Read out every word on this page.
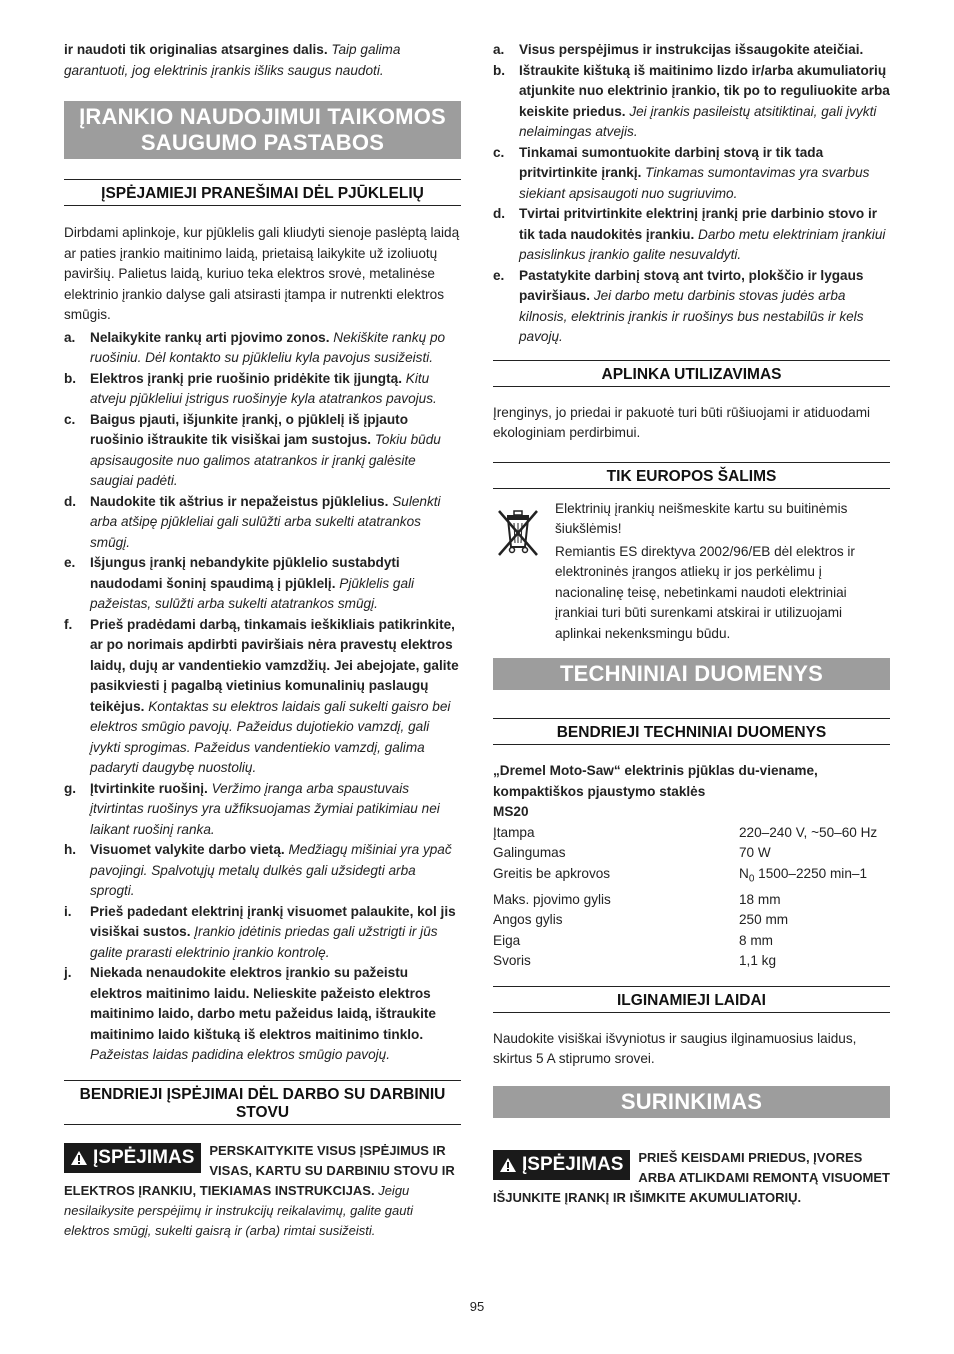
ir naudoti tik originalias atsargines dalis. Taip galima garantuoti, jog elektrinis įrankis išliks saugus naudoti.

ĮRANKIO NAUDOJIMUI TAIKOMOS SAUGUMO PASTABOS
ĮSPĖJAMIEJI PRANEŠIMAI DĖL PJŪKLELIŲ

Dirbdami aplinkoje, kur pjūklelis gali kliudyti sienoje paslėptą laidą ar paties įrankio maitinimo laidą, prietaisą laikykite už izoliuotų paviršių. Palietus laidą, kuriuo teka elektros srovė, metalinėse elektrinio įrankio dalyse gali atsirasti įtampa ir nutrenkti elektros smūgis.

a.	Nelaikykite rankų arti pjovimo zonos. Nekiškite rankų po ruošiniu. Dėl kontakto su pjūkleliu kyla pavojus susižeisti.
b.	Elektros įrankį prie ruošinio pridėkite tik įjungtą. Kitu atveju pjūkleliui įstrigus ruošinyje kyla atatrankos pavojus.
c.	Baigus pjauti, išjunkite įrankį, o pjūklelį iš įpjauto ruošinio ištraukite tik visiškai jam sustojus. Tokiu būdu apsisaugosite nuo galimos atatrankos ir įrankį galėsite saugiai padėti.
d.	Naudokite tik aštrius ir nepažeistus pjūklelius. Sulenkti arba atšipę pjūkleliai gali sulūžti arba sukelti atatrankos smūgį.
e.	Išjungus įrankį nebandykite pjūklelio sustabdyti naudodami šoninį spaudimą į pjūklelį. Pjūklelis gali pažeistas, sulūžti arba sukelti atatrankos smūgį.
f.	Prieš pradėdami darbą, tinkamais ieškikliais patikrinkite, ar po norimais apdirbti paviršiais nėra pravestų elektros laidų, dujų ar vandentiekio vamzdžių. Jei abejojate, galite pasikviesti į pagalbą vietinius komunalinių paslaugų teikėjus. Kontaktas su elektros laidais gali sukelti gaisro bei elektros smūgio pavojų. Pažeidus dujotiekio vamzdį, gali įvykti sprogimas. Pažeidus vandentiekio vamzdį, galima padaryti daugybę nuostolių.
g.	Įtvirtinkite ruošinį. Veržimo įranga arba spaustuvais įtvirtintas ruošinys yra užfiksuojamas žymiai patikimiau nei laikant ruošinį ranka.
h.	Visuomet valykite darbo vietą. Medžiagų mišiniai yra ypač pavojingi. Spalvotųjų metalų dulkės gali užsidegti arba sprogti.
i.	Prieš padedant elektrinį įrankį visuomet palaukite, kol jis visiškai sustos. Įrankio įdėtinis priedas gali užstrigti ir jūs galite prarasti elektrinio įrankio kontrolę.
j.	Niekada nenaudokite elektros įrankio su pažeistu elektros maitinimo laidu. Nelieskite pažeisto elektros maitinimo laido, darbo metu pažeidus laidą, ištraukite maitinimo laido kištuką iš elektros maitinimo tinklo. Pažeistas laidas padidina elektros smūgio pavojų.
BENDRIEJI ĮSPĖJIMAI DĖL DARBO SU DARBINIU STOVU
ĮSPĖJIMAS PERSKAITYKITE VISUS ĮSPĖJIMUS IR VISAS, KARTU SU DARBINIU STOVU IR ELEKTROS ĮRANKIU, TIEKIAMAS INSTRUKCIJAS. Jeigu nesilaikysite perspėjimų ir instrukcijų reikalavimų, galite gauti elektros smūgį, sukelti gaisrą ir (arba) rimtai susižeisti.
a.	Visus perspėjimus ir instrukcijas išsaugokite ateičiai.
b.	Ištraukite kištuką iš maitinimo lizdo ir/arba akumuliatorių atjunkite nuo elektrinio įrankio, tik po to reguliuokite arba keiskite priedus. Jei įrankis pasileistų atsitiktinai, gali įvykti nelaimingas atvejis.
c.	Tinkamai sumontuokite darbinį stovą ir tik tada pritvirtinkite įrankį. Tinkamas sumontavimas yra svarbus siekiant apsisaugoti nuo sugriuvimo.
d.	Tvirtai pritvirtinkite elektrinį įrankį prie darbinio stovo ir tik tada naudokitės įrankiu. Darbo metu elektriniam įrankiui pasislinkus įrankio galite nesuvaldyti.
e.	Pastatykite darbinį stovą ant tvirto, plokščio ir lygaus paviršiaus. Jei darbo metu darbinis stovas judės arba kilnosis, elektrinis įrankis ir ruošinys bus nestabilūs ir kels pavojų.
APLINKA UTILIZAVIMAS

Įrenginys, jo priedai ir pakuotė turi būti rūšiuojami ir atiduodami ekologiniam perdirbimui.

TIK EUROPOS ŠALIMS

Elektrinių įrankių neišmeskite kartu su buitinėmis šiukšlėmis!

Remiantis ES direktyva 2002/96/EB dėl elektros ir elektroninės įrangos atliekų ir jos perkėlimu į nacionalinę teisę, nebetinkami naudoti elektriniai įrankiai turi būti surenkami atskirai ir utilizuojami aplinkai nekenksmingu būdu.

TECHNINIAI DUOMENYS
BENDRIEJI TECHNINIAI DUOMENYS
„Dremel Moto-Saw“ elektrinis pjūklas du-viename,
kompaktiškos pjaustymo staklės
MS20
Įtampa	220–240 V, ~50–60 Hz
Galingumas	70 W
Greitis be apkrovos	$N_0$ 1500–2250 min–1
Maks. pjovimo gylis	18 mm
Angos gylis	250 mm
Eiga	8 mm
Svoris	1,1 kg
ILGINAMIEJI LAIDAI

Naudokite visiškai išvyniotus ir saugius ilginamuosius laidus, skirtus 5 A stiprumo srovei.

SURINKIMAS
ĮSPĖJIMAS PRIEŠ KEISDAMI PRIEDUS, ĮVORES ARBA ATLIKDAMI REMONTĄ VISUOMET IŠJUNKITE ĮRANKĮ IR IŠIMKITE AKUMULIATORIŲ.
95
